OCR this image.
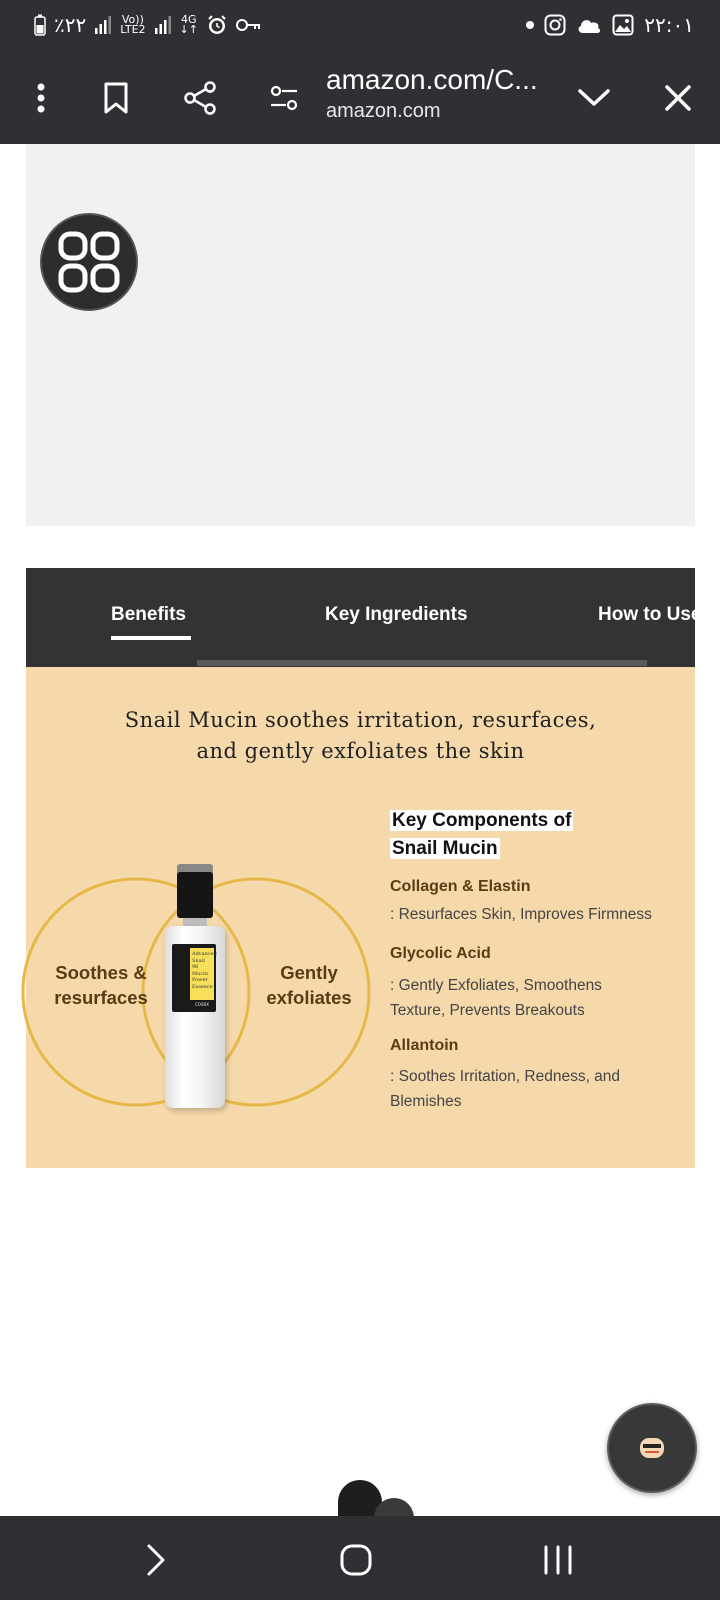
٪۲۲	Vo))
LTE2
4G
↓↑	۲۲:۰۱
amazon.com/C...
amazon.com
Benefits	Key Ingredients	How to Use
Snail Mucin soothes irritation, resurfaces,
and gently exfoliates the skin
Soothes &
resurfaces
Gently
exfoliates
Advanced Snail 96 Mucin Power Essence
COSRX
Key Components of
Snail Mucin
Collagen & Elastin
: Resurfaces Skin, Improves Firmness
Glycolic Acid
: Gently Exfoliates, Smoothens Texture, Prevents Breakouts
Allantoin
: Soothes Irritation, Redness, and Blemishes
